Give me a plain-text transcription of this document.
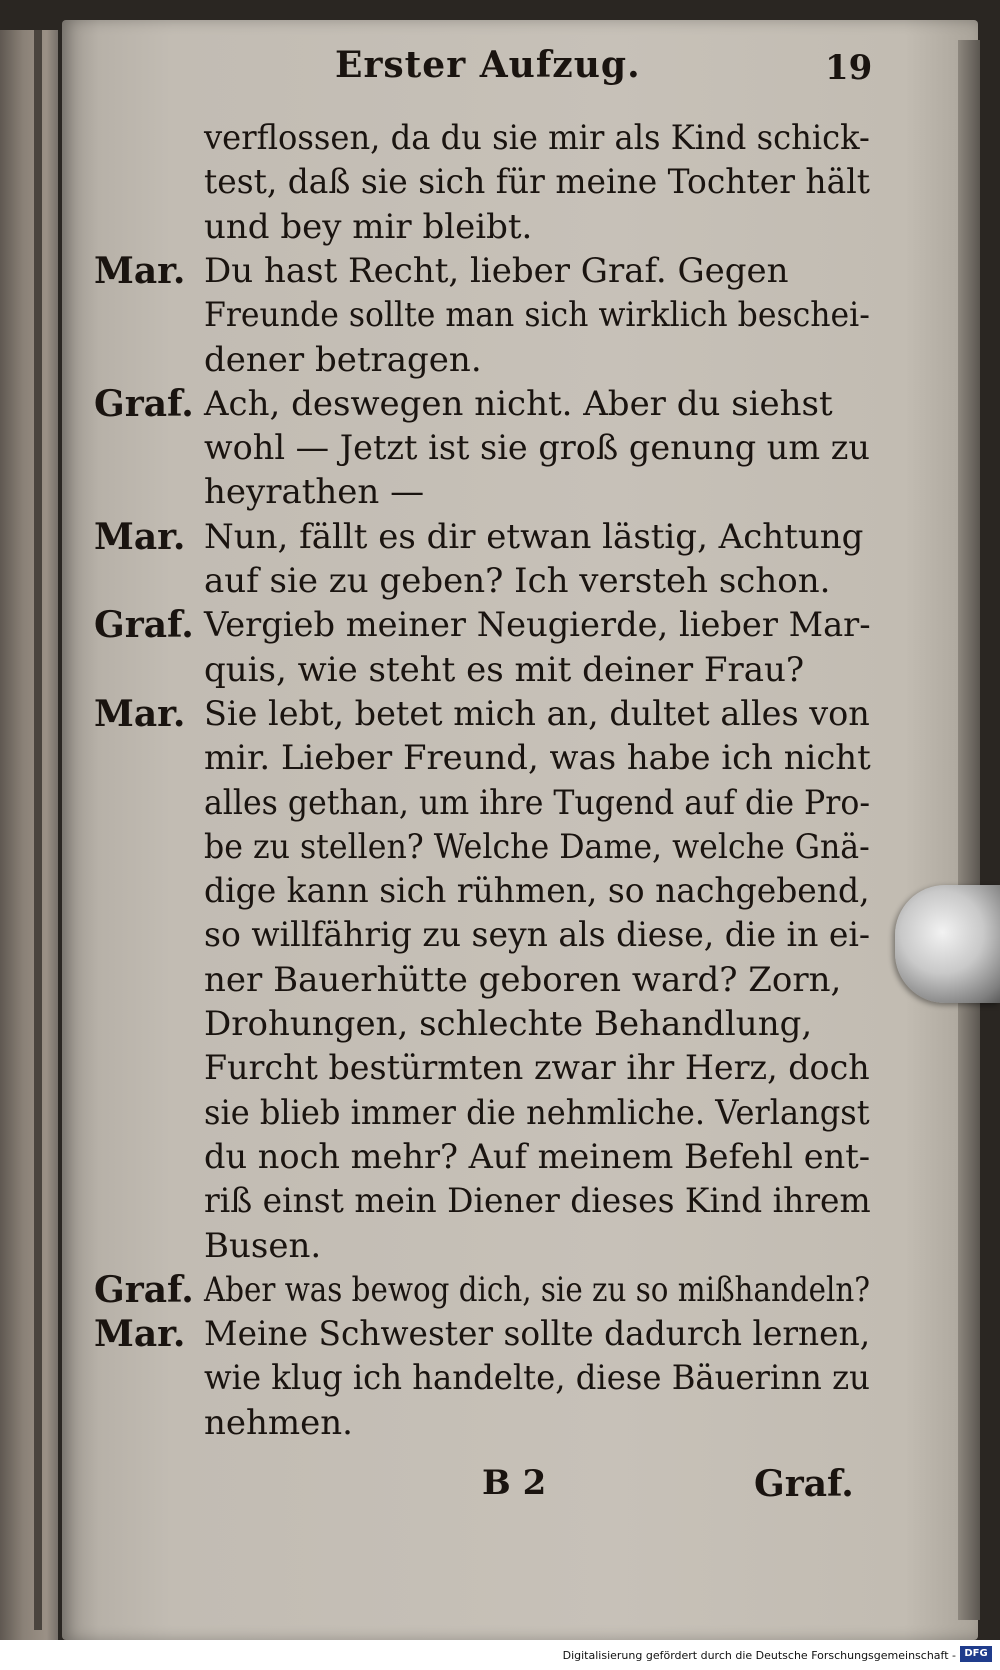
Erster Aufzug.	19
verflossen, da du sie mir als Kind schick-
test, daß sie sich für meine Tochter hält
und bey mir bleibt.
Mar. Du hast Recht, lieber Graf. Gegen
Freunde sollte man sich wirklich beschei-
dener betragen.
Graf. Ach, deswegen nicht. Aber du siehst
wohl — Jetzt ist sie groß genung um zu
heyrathen —
Mar. Nun, fällt es dir etwan lästig, Achtung
auf sie zu geben? Ich versteh schon.
Graf. Vergieb meiner Neugierde, lieber Mar-
quis, wie steht es mit deiner Frau?
Mar. Sie lebt, betet mich an, dultet alles von
mir. Lieber Freund, was habe ich nicht
alles gethan, um ihre Tugend auf die Pro-
be zu stellen? Welche Dame, welche Gnä-
dige kann sich rühmen, so nachgebend,
so willfährig zu seyn als diese, die in ei-
ner Bauerhütte geboren ward? Zorn,
Drohungen, schlechte Behandlung,
Furcht bestürmten zwar ihr Herz, doch
sie blieb immer die nehmliche. Verlangst
du noch mehr? Auf meinem Befehl ent-
riß einst mein Diener dieses Kind ihrem
Busen.
Graf. Aber was bewog dich, sie zu so mißhandeln?
Mar. Meine Schwester sollte dadurch lernen,
wie klug ich handelte, diese Bäuerinn zu
nehmen.
B 2	Graf.
Digitalisierung gefördert durch die Deutsche Forschungsgemeinschaft - DFG
